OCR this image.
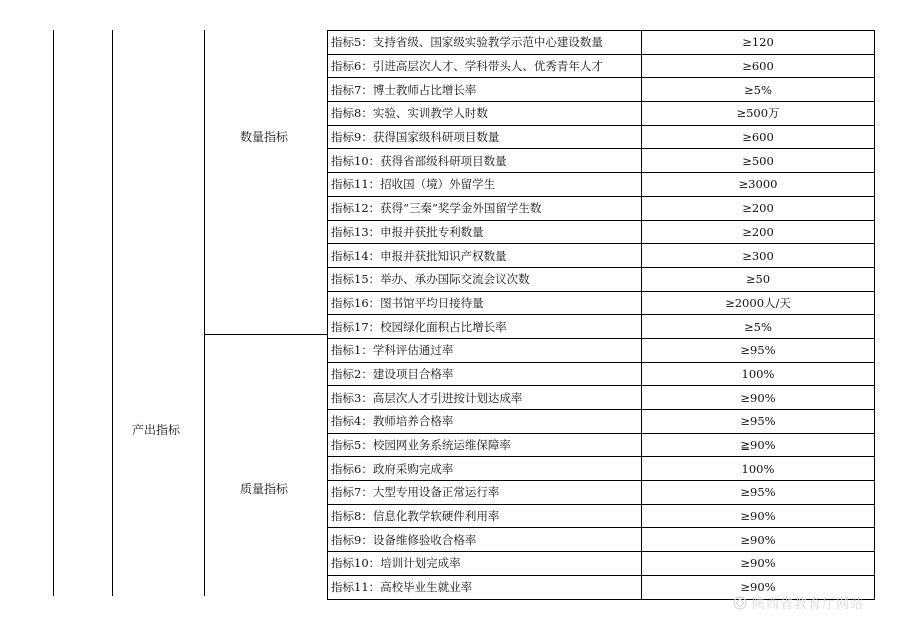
产出指标
数量指标
质量指标
指标5：支持省级、国家级实验教学示范中心建设数量	≥120
指标6：引进高层次人才、学科带头人、优秀青年人才	≥600
指标7：博士教师占比增长率	≥5%
指标8：实验、实训教学人时数	≥500万
指标9：获得国家级科研项目数量	≥600
指标10：获得省部级科研项目数量	≥500
指标11：招收国（境）外留学生	≥3000
指标12：获得“三秦”奖学金外国留学生数	≥200
指标13：申报并获批专利数量	≥200
指标14：申报并获批知识产权数量	≥300
指标15：举办、承办国际交流会议次数	≥50
指标16：图书馆平均日接待量	≥2000人/天
指标17：校园绿化面积占比增长率	≥5%
指标1：学科评估通过率	≥95%
指标2：建设项目合格率	100%
指标3：高层次人才引进按计划达成率	≥90%
指标4：教师培养合格率	≥95%
指标5：校园网业务系统运维保障率	≧90%
指标6：政府采购完成率	100%
指标7：大型专用设备正常运行率	≥95%
指标8：信息化教学软硬件利用率	≥90%
指标9：设备维修验收合格率	≥90%
指标10：培训计划完成率	≥90%
指标11：高校毕业生就业率	≥90%
陕西省教育厅网站
